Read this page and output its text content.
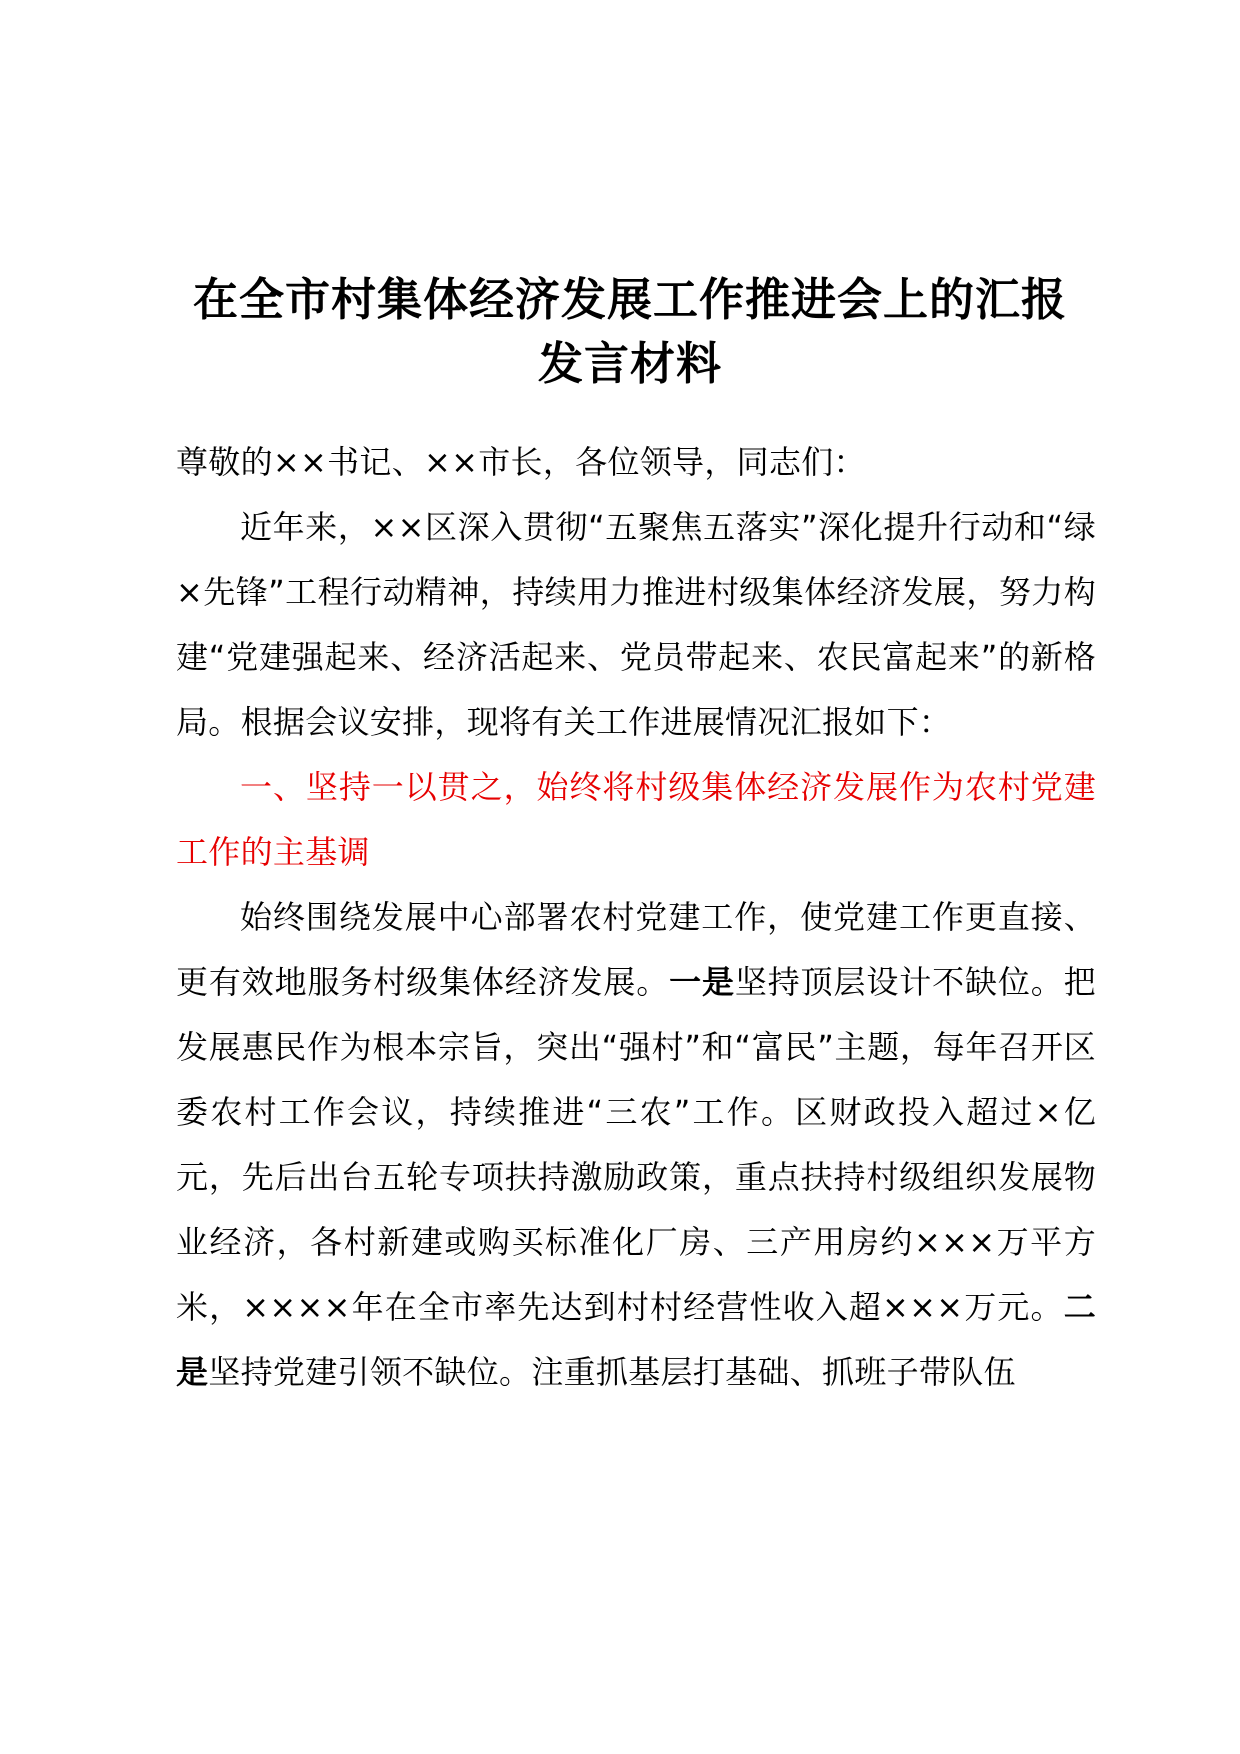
在全市村集体经济发展工作推进会上的汇报
发言材料

尊敬的××书记、××市长，各位领导，同志们：

近年来，××区深入贯彻“五聚焦五落实”深化提升行动和“绿×先锋”工程行动精神，持续用力推进村级集体经济发展，努力构建“党建强起来、经济活起来、党员带起来、农民富起来”的新格局。根据会议安排，现将有关工作进展情况汇报如下：

一、坚持一以贯之，始终将村级集体经济发展作为农村党建工作的主基调

始终围绕发展中心部署农村党建工作，使党建工作更直接、更有效地服务村级集体经济发展。一是坚持顶层设计不缺位。把发展惠民作为根本宗旨，突出“强村”和“富民”主题，每年召开区委农村工作会议，持续推进“三农”工作。区财政投入超过×亿元，先后出台五轮专项扶持激励政策，重点扶持村级组织发展物业经济，各村新建或购买标准化厂房、三产用房约×××万平方米，××××年在全市率先达到村村经营性收入超×××万元。二是坚持党建引领不缺位。注重抓基层打基础、抓班子带队伍
